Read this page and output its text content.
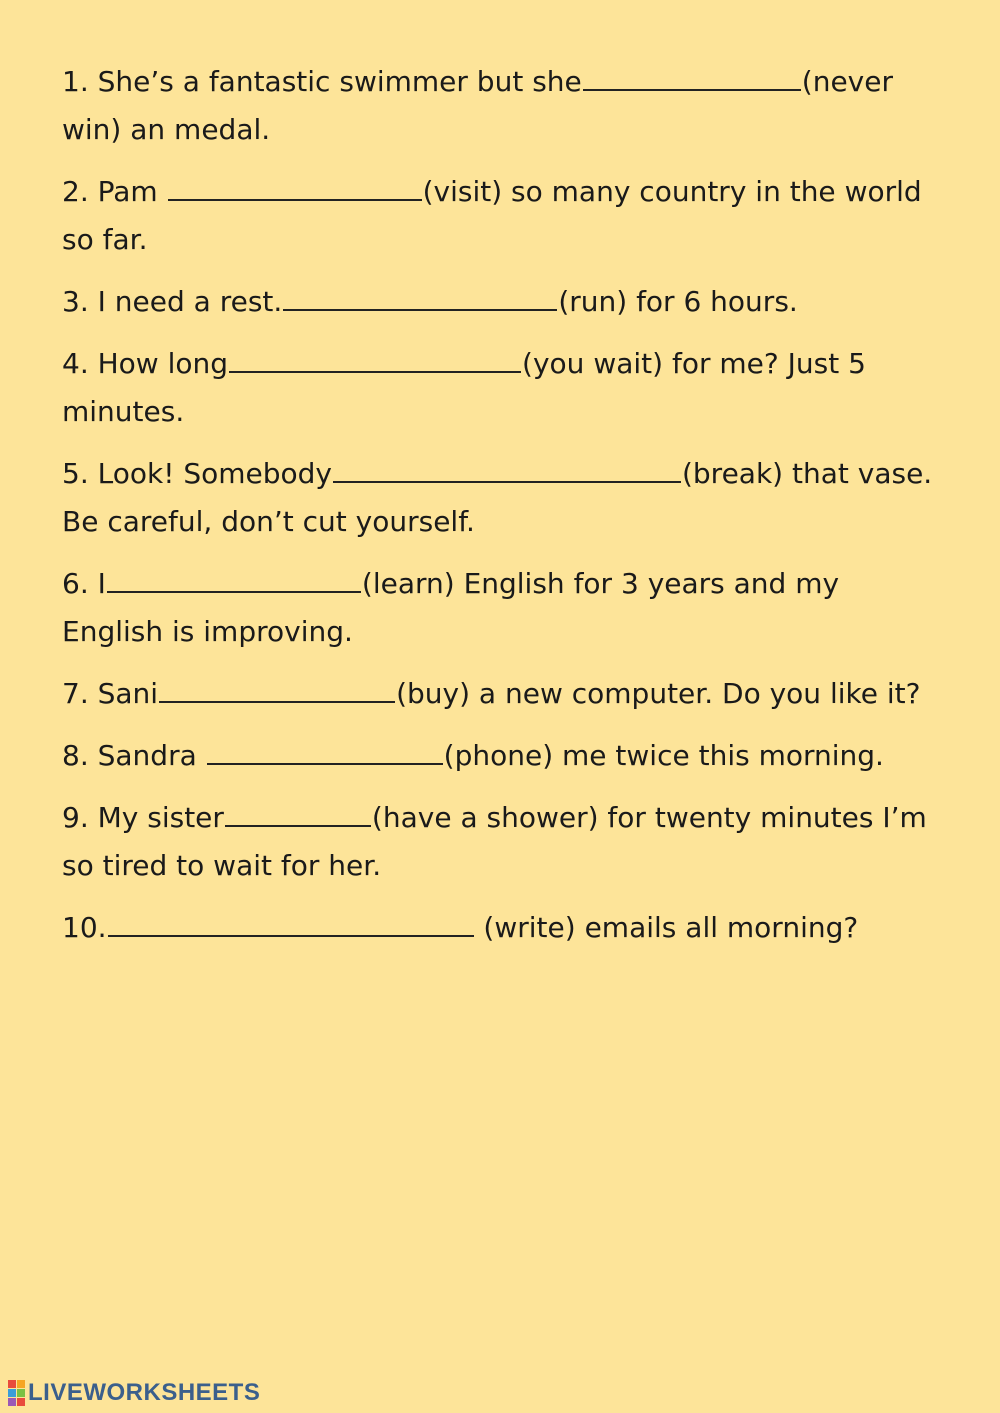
1. She’s a fantastic swimmer but she	(never win) an medal.

2. Pam	(visit) so many country in the world so far.

3. I need a rest.	(run) for 6 hours.

4. How long	(you wait) for me? Just 5 minutes.

5. Look! Somebody	(break) that vase. Be careful, don’t cut yourself.

6. I	(learn) English for 3 years and my English is improving.

7. Sani	(buy) a new computer. Do you like it?

8. Sandra	(phone) me twice this morning.

9. My sister	(have a shower) for twenty minutes I’m so tired to wait for her.

10.	(write) emails all morning?

LIVEWORKSHEETS
